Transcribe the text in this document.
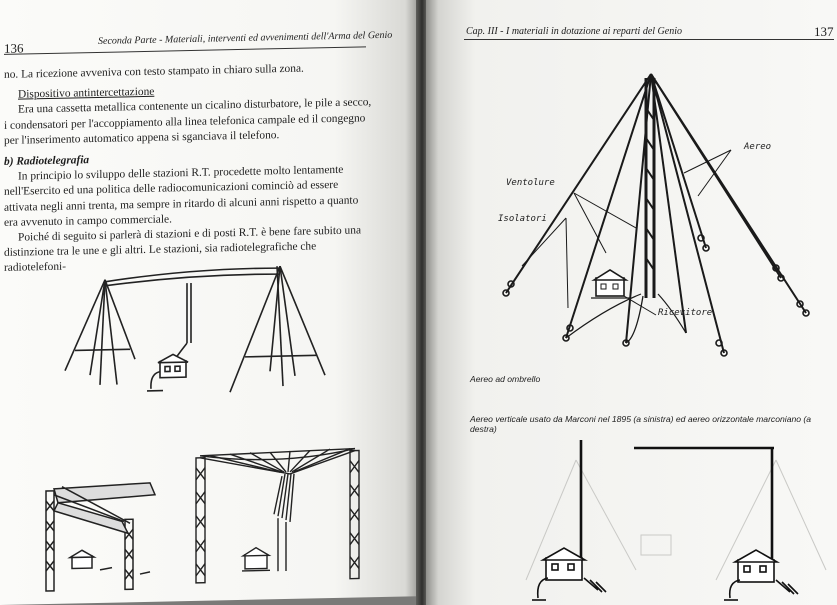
136
Seconda Parte - Materiali, interventi ed avvenimenti dell'Arma del Genio

no. La ricezione avveniva con testo stampato in chiaro sulla zona.

Dispositivo antintercettazione

Era una cassetta metallica contenente un cicalino disturbatore, le pile a secco, i condensatori per l'accoppiamento alla linea telefonica campale ed il congegno per l'inserimento automatico appena si sganciava il telefono.

b) Radiotelegrafia

In principio lo sviluppo delle stazioni R.T. procedette molto lentamente nell'Esercito ed una politica delle radiocomunicazioni cominciò ad essere attivata negli anni trenta, ma sempre in ritardo di alcuni anni rispetto a quanto era avvenuto in campo commerciale.

Poiché di seguito si parlerà di stazioni e di posti R.T. è bene fare subito una distinzione tra le une e gli altri. Le stazioni, sia radiotelegrafiche che radiotelefoni-

Cap. III - I materiali in dotazione ai reparti del Genio	137
Aereo
Ventolure
Isolatori
Ricevitore
Aereo ad ombrello
Aereo verticale usato da Marconi nel 1895 (a sinistra) ed aereo orizzontale marconiano (a destra)
